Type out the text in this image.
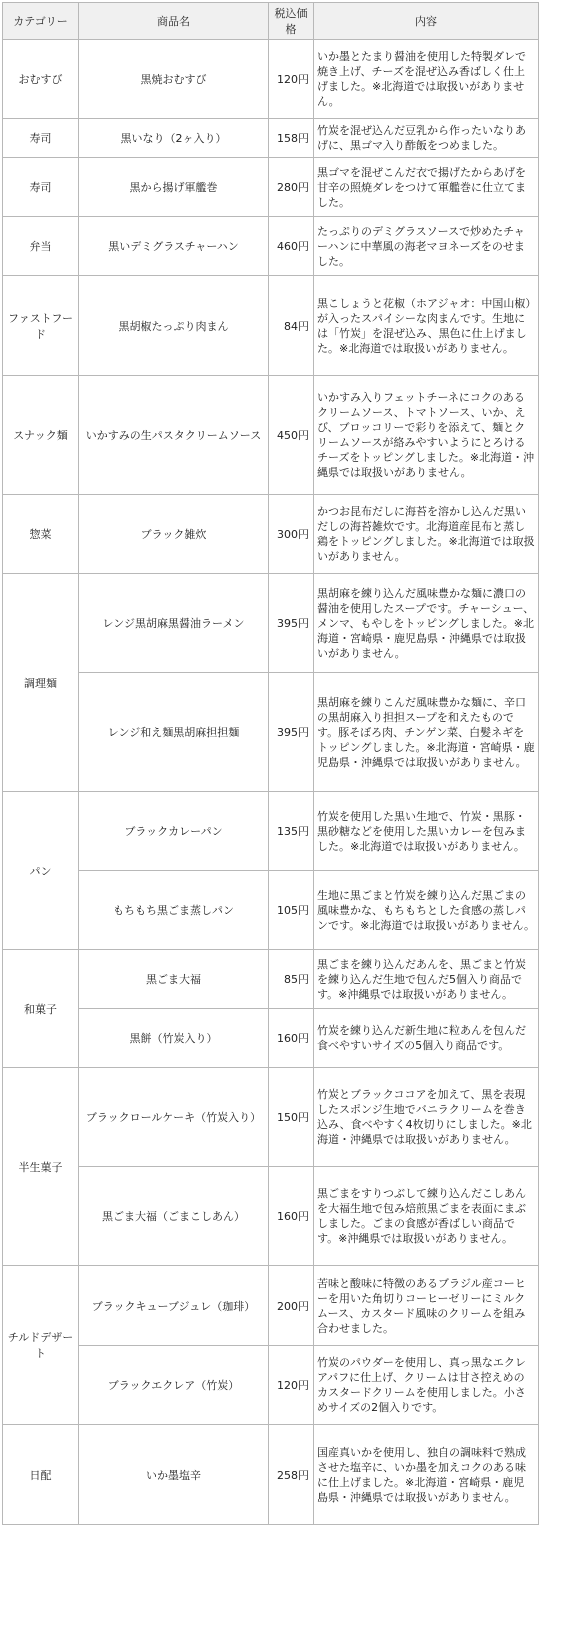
カテゴリー	商品名	税込価格	内容
おむすび	黒焼おむすび	120円	いか墨とたまり醤油を使用した特製ダレで焼き上げ、チーズを混ぜ込み香ばしく仕上げました。※北海道では取扱いがありません。
寿司	黒いなり（2ヶ入り）	158円	竹炭を混ぜ込んだ豆乳から作ったいなりあげに、黒ゴマ入り酢飯をつめました。
寿司	黒から揚げ軍艦巻	280円	黒ゴマを混ぜこんだ衣で揚げたからあげを甘辛の照焼ダレをつけて軍艦巻に仕立てました。
弁当	黒いデミグラスチャーハン	460円	たっぷりのデミグラスソースで炒めたチャーハンに中華風の海老マヨネーズをのせました。
ファストフード	黒胡椒たっぷり肉まん	84円	黒こしょうと花椒（ホアジャオ：中国山椒）が入ったスパイシーな肉まんです。生地には「竹炭」を混ぜ込み、黒色に仕上げました。※北海道では取扱いがありません。
スナック麺	いかすみの生パスタクリームソース	450円	いかすみ入りフェットチーネにコクのあるクリームソース、トマトソース、いか、えび、ブロッコリーで彩りを添えて、麺とクリームソースが絡みやすいようにとろけるチーズをトッピングしました。※北海道・沖縄県では取扱いがありません。
惣菜	ブラック雑炊	300円	かつお昆布だしに海苔を溶かし込んだ黒いだしの海苔雑炊です。北海道産昆布と蒸し鶏をトッピングしました。※北海道では取扱いがありません。
調理麺	レンジ黒胡麻黒醤油ラーメン	395円	黒胡麻を練り込んだ風味豊かな麺に濃口の醤油を使用したスープです。チャーシュー、メンマ、もやしをトッピングしました。※北海道・宮崎県・鹿児島県・沖縄県では取扱いがありません。
	レンジ和え麺黒胡麻担担麺	395円	黒胡麻を練りこんだ風味豊かな麺に、辛口の黒胡麻入り担担スープを和えたものです。豚そぼろ肉、チンゲン菜、白髪ネギをトッピングしました。※北海道・宮崎県・鹿児島県・沖縄県では取扱いがありません。
パン	ブラックカレーパン	135円	竹炭を使用した黒い生地で、竹炭・黒豚・黒砂糖などを使用した黒いカレーを包みました。※北海道では取扱いがありません。
	もちもち黒ごま蒸しパン	105円	生地に黒ごまと竹炭を練り込んだ黒ごまの風味豊かな、もちもちとした食感の蒸しパンです。※北海道では取扱いがありません。
和菓子	黒ごま大福	85円	黒ごまを練り込んだあんを、黒ごまと竹炭を練り込んだ生地で包んだ5個入り商品です。※沖縄県では取扱いがありません。
	黒餅（竹炭入り）	160円	竹炭を練り込んだ新生地に粒あんを包んだ食べやすいサイズの5個入り商品です。
半生菓子	ブラックロールケーキ（竹炭入り）	150円	竹炭とブラックココアを加えて、黒を表現したスポンジ生地でバニラクリームを巻き込み、食べやすく4枚切りにしました。※北海道・沖縄県では取扱いがありません。
	黒ごま大福（ごまこしあん）	160円	黒ごまをすりつぶして練り込んだこしあんを大福生地で包み焙煎黒ごまを表面にまぶしました。ごまの食感が香ばしい商品です。※沖縄県では取扱いがありません。
チルドデザート	ブラックキューブジュレ（珈琲）	200円	苦味と酸味に特徴のあるブラジル産コーヒーを用いた角切りコーヒーゼリーにミルクムース、カスタード風味のクリームを組み合わせました。
	ブラックエクレア（竹炭）	120円	竹炭のパウダーを使用し、真っ黒なエクレアパフに仕上げ、クリームは甘さ控えめのカスタードクリームを使用しました。小さめサイズの2個入りです。
日配	いか墨塩辛	258円	国産真いかを使用し、独自の調味料で熟成させた塩辛に、いか墨を加えコクのある味に仕上げました。※北海道・宮崎県・鹿児島県・沖縄県では取扱いがありません。
